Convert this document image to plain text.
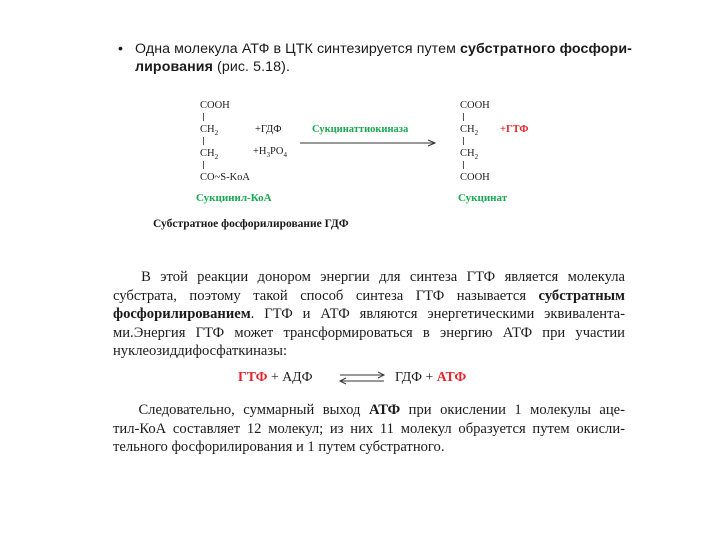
• Одна молекула АТФ в ЦТК синтезируется путем субстратного фосфори-
лирования (рис. 5.18).
COOH
$CH_2$
$CH_2$
CO~S-KoA
Сукцинил-КоА
+ГДФ
$+H_3PO_4$
Сукцинаттиокиназа
COOH
$CH_2$
$CH_2$
COOH
Сукцинат
+ГТФ
Субстратное фосфорилирование ГДФ
В этой реакции донором энергии для синтеза ГТФ является молекула
субстрата, поэтому такой способ синтеза ГТФ называется субстратным
фосфорилированием. ГТФ и АТФ являются энергетическими эквивалента-
ми.Энергия ГТФ может трансформироваться в энергию АТФ при участии
нуклеозиддифосфаткиназы:
ГТФ + АДФ ⇌ ГДФ + АТФ
Следовательно, суммарный выход АТФ при окислении 1 молекулы аце-
тил-КоА составляет 12 молекул; из них 11 молекул образуется путем окисли-
тельного фосфорилирования и 1 путем субстратного.
